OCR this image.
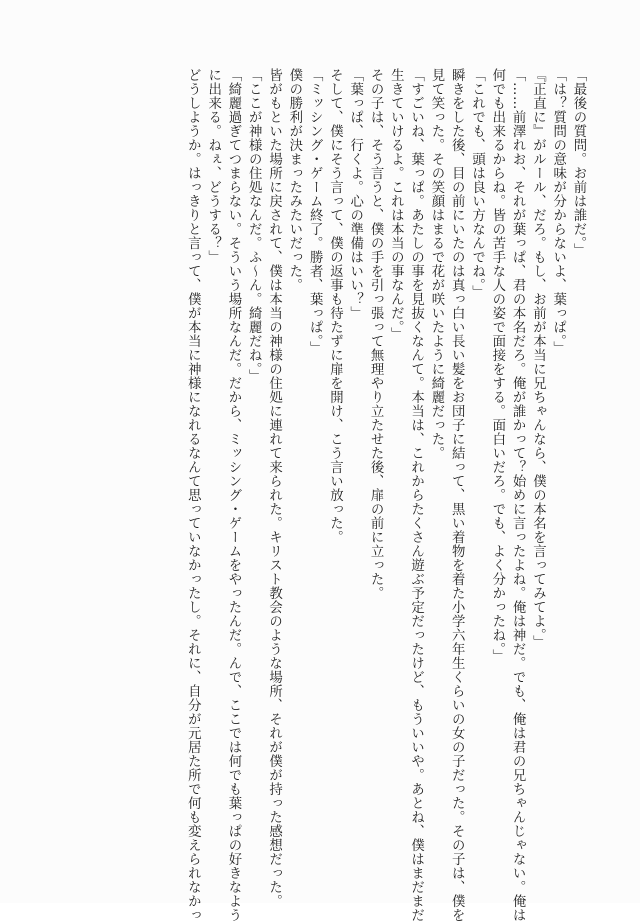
「最後の質問。お前は誰だ。」
「は？質問の意味が分からないよ、葉っぱ。」
『正直に』がルール、だろ。もし、お前が本当に兄ちゃんなら、僕の本名を言ってみてよ。」
「……前澤れお、それが葉っぱ、君の本名だろ。俺が誰かって？始めに言ったよね。俺は神だ。でも、俺は君の兄ちゃんじゃない。俺は
何でも出来るからね。皆の苦手な人の姿で面接をする。面白いだろ。でも、よく分かったね。」
「これでも、頭は良い方なんでね。」
瞬きをした後、目の前にいたのは真っ白い長い髪をお団子に結って、黒い着物を着た小学六年生くらいの女の子だった。その子は、僕を
見て笑った。その笑顔はまるで花が咲いたように綺麗だった。
「すごいね、葉っぱ。あたしの事を見抜くなんて。本当は、これからたくさん遊ぶ予定だったけど、もういいや。あとね、僕はまだまだ
生きていけるよ。これは本当の事なんだ。」
その子は、そう言うと、僕の手を引っ張って無理やり立たせた後、扉の前に立った。
「葉っぱ、行くよ。心の準備はいい？」
そして、僕にそう言って、僕の返事も待たずに扉を開け、こう言い放った。
「ミッシング・ゲーム終了。勝者、葉っぱ。」
僕の勝利が決まったみたいだった。
皆がもといた場所に戻されて、僕は本当の神様の住処に連れて来られた。キリスト教会のような場所、それが僕が持った感想だった。
「ここが神様の住処なんだ。ふ～ん。綺麗だね。」
「綺麗過ぎてつまらない。そういう場所なんだ。だから、ミッシング・ゲームをやったんだ。んで、ここでは何でも葉っぱの好きなよう
に出来る。ねぇ、どうする？」
どうしようか。はっきりと言って、僕が本当に神様になれるなんて思っていなかったし。それに、自分が元居た所で何も変えられなかっ
